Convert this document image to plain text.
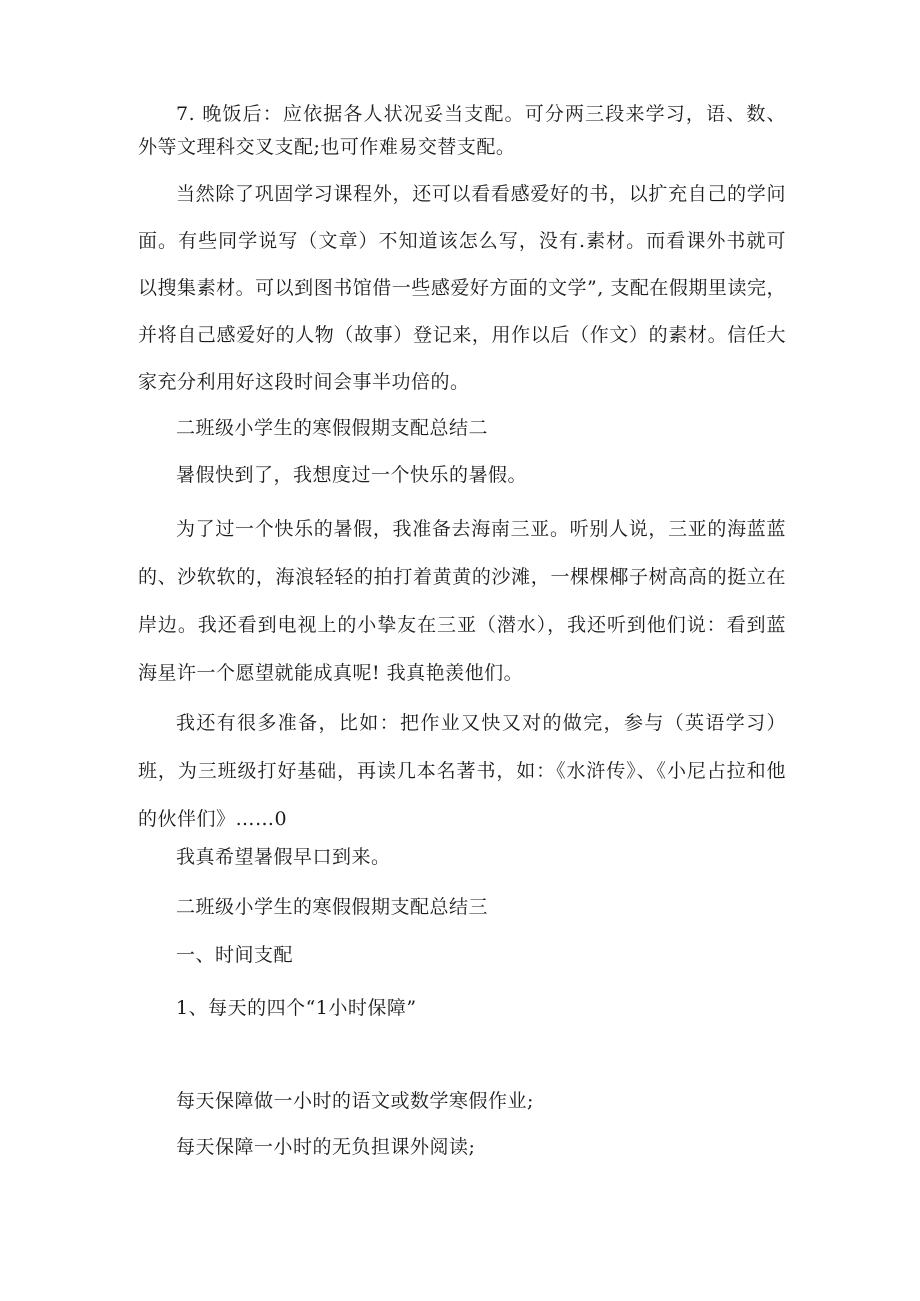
7. 晚饭后：应依据各人状况妥当支配。可分两三段来学习，语、数、外等文理科交叉支配;也可作难易交替支配。

当然除了巩固学习课程外，还可以看看感爱好的书，以扩充自己的学问面。有些同学说写（文章）不知道该怎么写，没有.素材。而看课外书就可以搜集素材。可以到图书馆借一些感爱好方面的文学”, 支配在假期里读完，并将自己感爱好的人物（故事）登记来，用作以后（作文）的素材。信任大家充分利用好这段时间会事半功倍的。

二班级小学生的寒假假期支配总结二

暑假快到了，我想度过一个快乐的暑假。

为了过一个快乐的暑假，我准备去海南三亚。听别人说，三亚的海蓝蓝的、沙软软的，海浪轻轻的拍打着黄黄的沙滩，一棵棵椰子树高高的挺立在岸边。我还看到电视上的小挚友在三亚（潜水），我还听到他们说：看到蓝海星许一个愿望就能成真呢! 我真艳羡他们。

我还有很多准备，比如：把作业又快又对的做完，参与（英语学习）班，为三班级打好基础，再读几本名著书，如：《水浒传》、《小尼占拉和他的伙伴们》……0

我真希望暑假早口到来。

二班级小学生的寒假假期支配总结三

一、时间支配

1、每天的四个“1小时保障”

每天保障做一小时的语文或数学寒假作业;

每天保障一小时的无负担课外阅读;
